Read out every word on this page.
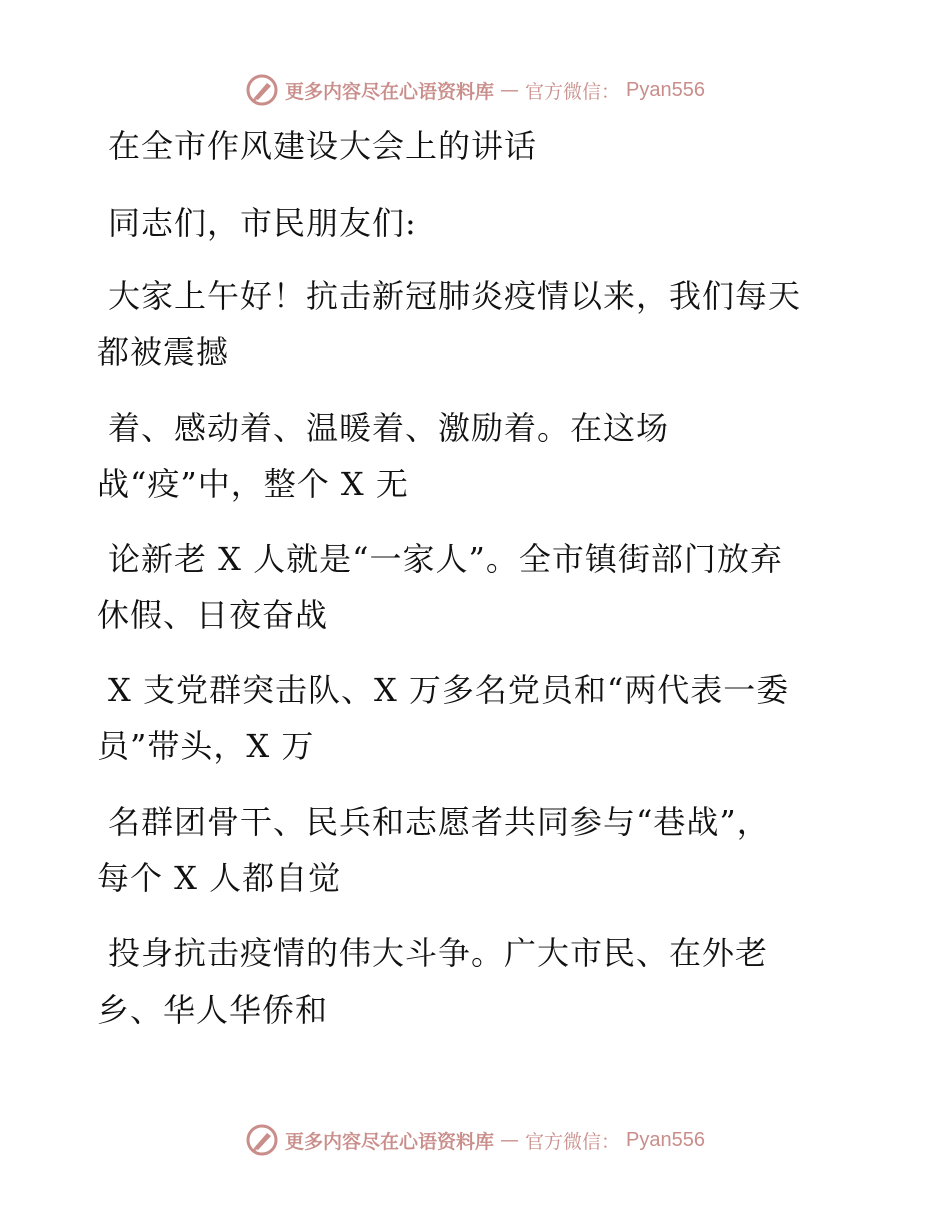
更多内容尽在心语资料库 — 官方微信： Pyan556
在全市作风建设大会上的讲话
同志们，市民朋友们:
大家上午好！抗击新冠肺炎疫情以来，我们每天
都被震撼
着、感动着、温暖着、激励着。在这场
战“疫”中，整个 X 无
论新老 X 人就是“一家人”。全市镇街部门放弃
休假、日夜奋战
X 支党群突击队、X 万多名党员和“两代表一委
员”带头，X 万
名群团骨干、民兵和志愿者共同参与“巷战”，
每个 X 人都自觉
投身抗击疫情的伟大斗争。广大市民、在外老
乡、华人华侨和
更多内容尽在心语资料库 — 官方微信： Pyan556
